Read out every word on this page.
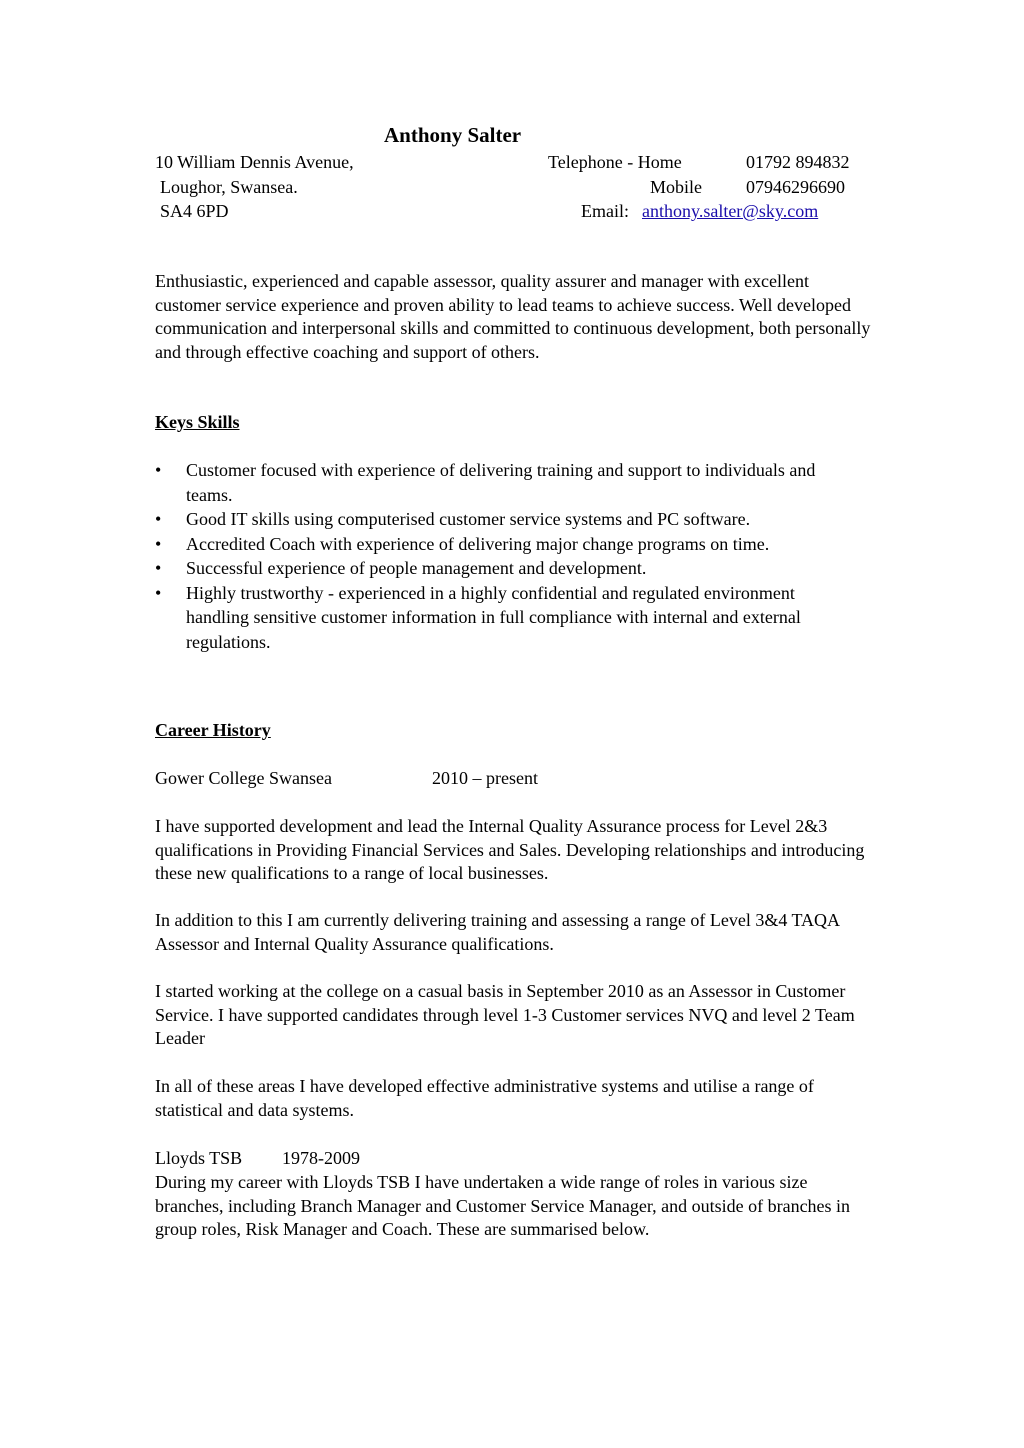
Anthony Salter
10 William Dennis Avenue,
Loughor, Swansea.
SA4 6PD
Telephone - Home	01792 894832
Mobile 07946296690
Email: anthony.salter@sky.com

Enthusiastic, experienced and capable assessor, quality assurer and manager with excellent customer service experience and proven ability to lead teams to achieve success. Well developed communication and interpersonal skills and committed to continuous development, both personally and through effective coaching and support of others.

Keys Skills
• Customer focused with experience of delivering training and support to individuals and teams.
• Good IT skills using computerised customer service systems and PC software.
• Accredited Coach with experience of delivering major change programs on time.
• Successful experience of people management and development.
• Highly trustworthy - experienced in a highly confidential and regulated environment handling sensitive customer information in full compliance with internal and external regulations.
Career History
Gower College Swansea	2010 – present

I have supported development and lead the Internal Quality Assurance process for Level 2&3 qualifications in Providing Financial Services and Sales. Developing relationships and introducing these new qualifications to a range of local businesses.

In addition to this I am currently delivering training and assessing a range of Level 3&4 TAQA Assessor and Internal Quality Assurance qualifications.

I started working at the college on a casual basis in September 2010 as an Assessor in Customer Service. I have supported candidates through level 1-3 Customer services NVQ and level 2 Team Leader

In all of these areas I have developed effective administrative systems and utilise a range of statistical and data systems.

Lloyds TSB 1978-2009

During my career with Lloyds TSB I have undertaken a wide range of roles in various size branches, including Branch Manager and Customer Service Manager, and outside of branches in group roles, Risk Manager and Coach. These are summarised below.
